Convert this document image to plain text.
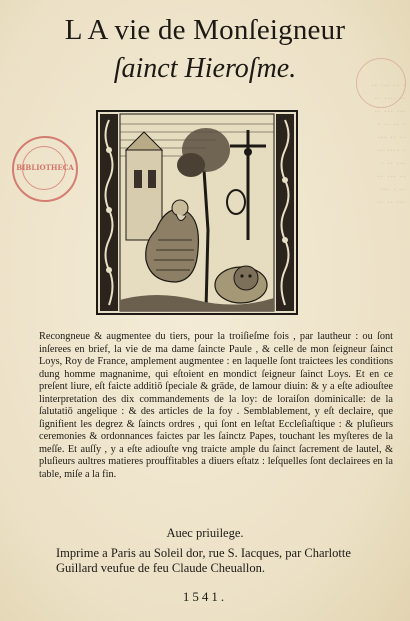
·· ··· ·· ·
·· ···· ··
·· ··· ···
· ·· ·· ·
··· ·· ··
·· ···· ·
· ·· ···
·· ··· ··
··· · ··
·· ·· ···
L A vie de Monſeigneur
ſainct Hieroſme.
BIBLIOTHECA
Recongneue & augmentee du tiers, pour la troiſieſme fois , par lautheur : ou ſont inſerees en brief, la vie de ma dame ſaincte Paule , & celle de mon ſeigneur ſainct Loys, Roy de France, amplement augmentee : en laquelle ſont traictees les conditions dung homme magnanime, qui eſtoient en mondict ſeigneur ſainct Loys. Et en ce preſent liure, eſt faicte additiō ſpeciale & grāde, de lamour diuin: & y a eſte adiouſtee linterpretation des dix commandements de la loy: de loraiſon dominicalle: de la ſalutatiō angelique : & des articles de la foy . Semblablement, y eſt declaire, que ſignifient les degrez & ſaincts ordres , qui ſont en leſtat Eccleſiaſtique : & pluſieurs ceremonies & ordonnances faictes par les ſainctz Papes, touchant les myſteres de la meſſe. Et auſſy , y a eſte adiouſte vng traicte ample du ſainct ſacrement de lautel, & pluſieurs aultres matieres prouffitables a diuers eſtatz : leſquelles ſont declairees en la table, miſe a la fin.
Auec priuilege.
Imprime a Paris au Soleil dor, rue S. Iacques, par Charlotte Guillard veufue de feu Claude Cheuallon.
1541.
